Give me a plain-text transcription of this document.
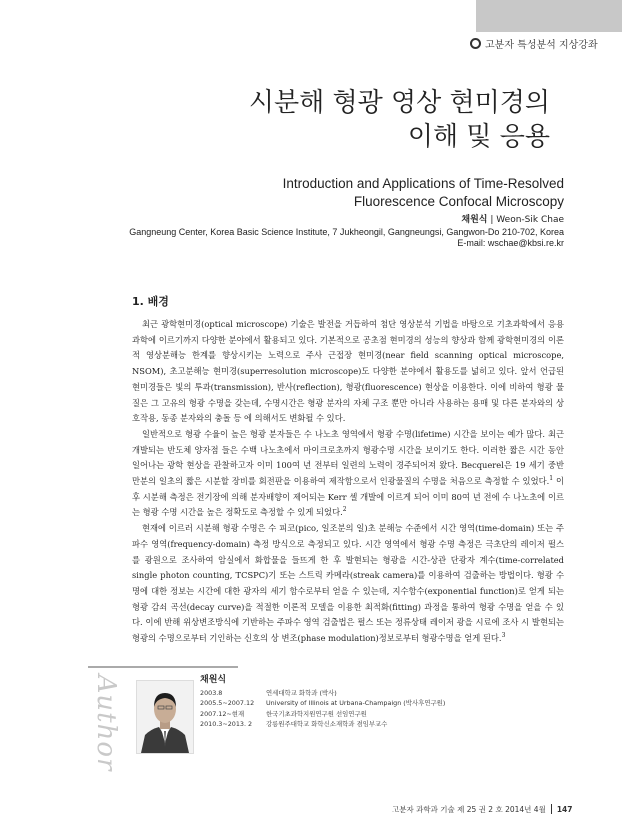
고분자 특성분석 지상강좌
시분해 형광 영상 현미경의
이해 및 응용
Introduction and Applications of Time-Resolved
Fluorescence Confocal Microscopy
채원식 | Weon-Sik Chae
Gangneung Center, Korea Basic Science Institute, 7 Jukheongil, Gangneungsi, Gangwon-Do 210-702, Korea
E-mail: wschae@kbsi.re.kr
1. 배경

최근 광학현미경(optical microscope) 기술은 발전을 거듭하여 첨단 영상분석 기법을 바탕으로 기초과학에서 응용과학에 이르기까지 다양한 분야에서 활용되고 있다. 기본적으로 공초점 현미경의 성능의 향상과 함께 광학현미경의 이론적 영상분해능 한계를 향상시키는 노력으로 주사 근접장 현미경(near field scanning optical microscope, NSOM), 초고분해능 현미경(superresolution microscope)도 다양한 분야에서 활용도를 넓히고 있다. 앞서 언급된 현미경들은 빛의 투과(transmission), 반사(reflection), 형광(fluorescence) 현상을 이용한다. 이에 비하여 형광 물질은 그 고유의 형광 수명을 갖는데, 수명시간은 형광 분자의 자체 구조 뿐만 아니라 사용하는 용매 및 다른 분자와의 상호작용, 동종 분자와의 충돌 등 에 의해서도 변화될 수 있다.

일반적으로 형광 수율이 높은 형광 분자들은 수 나노초 영역에서 형광 수명(lifetime) 시간을 보이는 예가 많다. 최근 개발되는 반도체 양자점 들은 수백 나노초에서 마이크로초까지 형광수명 시간을 보이기도 한다. 이러한 짧은 시간 동안 일어나는 광학 현상을 관찰하고자 이미 100여 년 전부터 일련의 노력이 경주되어져 왔다. Becquerel은 19 세기 중반 만분의 일초의 짧은 시분할 장비를 회전판을 이용하여 제작함으로서 인광물질의 수명을 처음으로 측정할 수 있었다.$^1$ 이후 시분해 측정은 전기장에 의해 분자배향이 제어되는 Kerr 셀 개발에 이르게 되어 이미 80여 년 전에 수 나노초에 이르는 형광 수명 시간을 높은 정확도로 측정할 수 있게 되었다.$^2$

현재에 이르러 시분해 형광 수명은 수 피코(pico, 일조분의 일)초 분해능 수준에서 시간 영역(time-domain) 또는 주파수 영역(frequency-domain) 측정 방식으로 측정되고 있다. 시간 영역에서 형광 수명 측정은 극초단의 레이저 펄스를 광원으로 조사하여 암실에서 화합물을 들뜨게 한 후 발현되는 형광을 시간-상관 단광자 계수(time-correlated single photon counting, TCSPC)기 또는 스트릭 카메라(streak camera)를 이용하여 검출하는 방법이다. 형광 수명에 대한 정보는 시간에 대한 광자의 세기 함수로부터 얻을 수 있는데, 지수함수(exponential function)로 얻게 되는 형광 감쇠 곡선(decay curve)을 적절한 이론적 모델을 이용한 최적화(fitting) 과정을 통하여 형광 수명을 얻을 수 있다. 이에 반해 위상변조방식에 기반하는 주파수 영역 검출법은 펄스 또는 정류상태 레이저 광을 시료에 조사 시 발현되는 형광의 수명으로부터 기인하는 신호의 상 변조(phase modulation)정보로부터 형광수명을 얻게 된다.$^3$

Author	채원식
2003.8	연세대학교 화학과 (박사)
2005.5~2007.12 University of Illinois at Urbana-Champaign (박사후연구원)
2007.12~현재	한국기초과학지원연구원 선임연구원
2010.3~2013. 2 강릉원주대학교 화학신소재학과 겸임부교수
고분자 과학과 기술 제 25 권 2 호 2014년 4월 147
